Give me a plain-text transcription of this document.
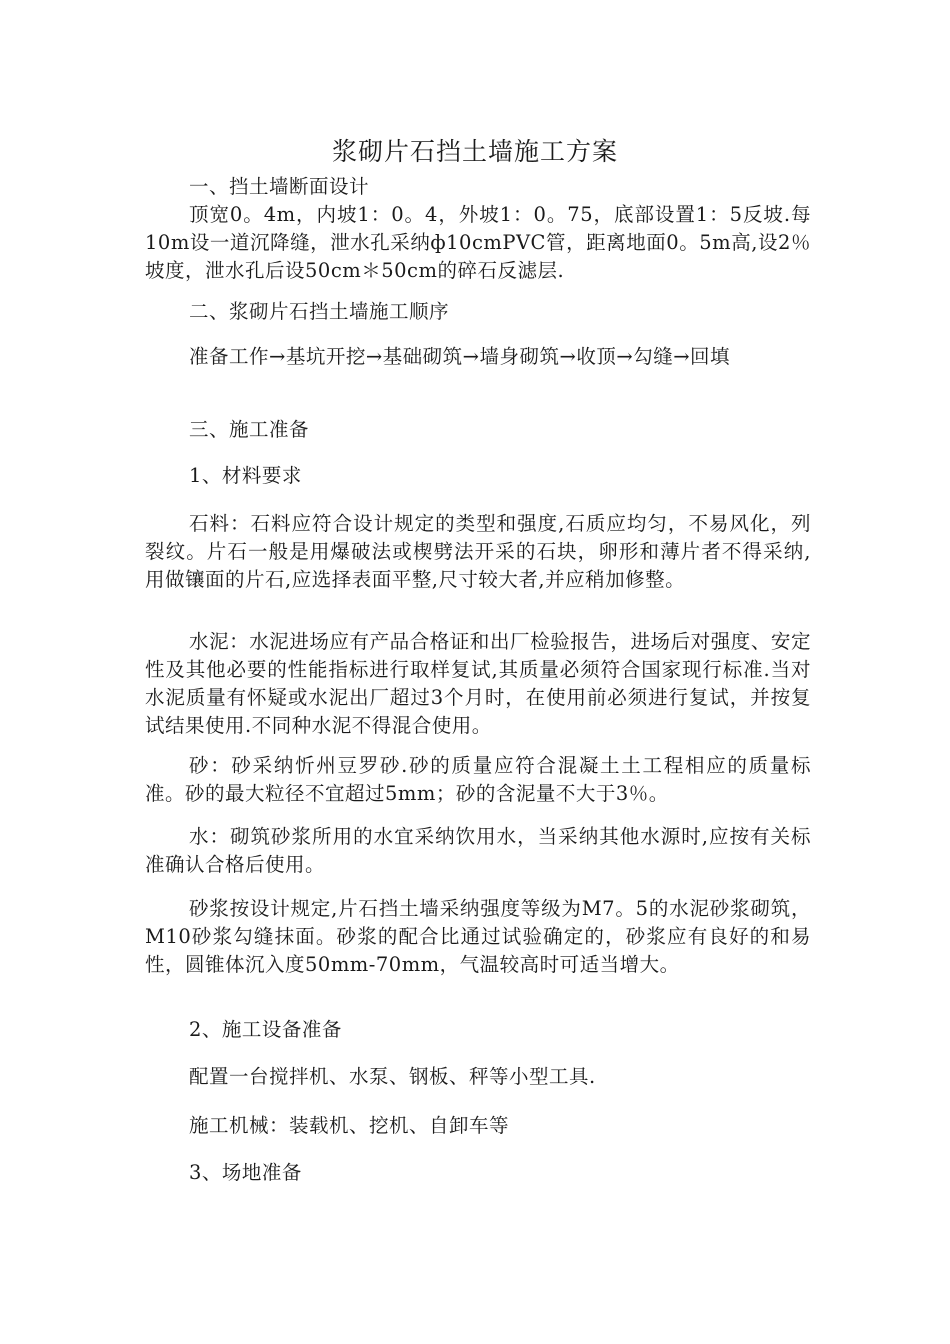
浆砌片石挡土墙施工方案
一、挡土墙断面设计
顶宽0。4m，内坡1：0。4，外坡1：0。75，底部设置1：5反坡.每10m设一道沉降缝，泄水孔采纳ф10cmPVC管，距离地面0。5m高,设2％坡度，泄水孔后设50cm＊50cm的碎石反滤层.
二、浆砌片石挡土墙施工顺序
准备工作→基坑开挖→基础砌筑→墙身砌筑→收顶→勾缝→回填
三、施工准备
1、材料要求
石料：石料应符合设计规定的类型和强度,石质应均匀，不易风化，列裂纹。片石一般是用爆破法或楔劈法开采的石块，卵形和薄片者不得采纳,用做镶面的片石,应选择表面平整,尺寸较大者,并应稍加修整。
水泥：水泥进场应有产品合格证和出厂检验报告，进场后对强度、安定性及其他必要的性能指标进行取样复试,其质量必须符合国家现行标准.当对水泥质量有怀疑或水泥出厂超过3个月时，在使用前必须进行复试，并按复试结果使用.不同种水泥不得混合使用。
砂：砂采纳忻州豆罗砂.砂的质量应符合混凝土土工程相应的质量标准。砂的最大粒径不宜超过5mm；砂的含泥量不大于3％。
水：砌筑砂浆所用的水宜采纳饮用水，当采纳其他水源时,应按有关标准确认合格后使用。
砂浆按设计规定,片石挡土墙采纳强度等级为M7。5的水泥砂浆砌筑，M10砂浆勾缝抹面。砂浆的配合比通过试验确定的，砂浆应有良好的和易性，圆锥体沉入度50mm-70mm，气温较高时可适当增大。
2、施工设备准备
配置一台搅拌机、水泵、钢板、秤等小型工具.
施工机械：装载机、挖机、自卸车等
3、场地准备
